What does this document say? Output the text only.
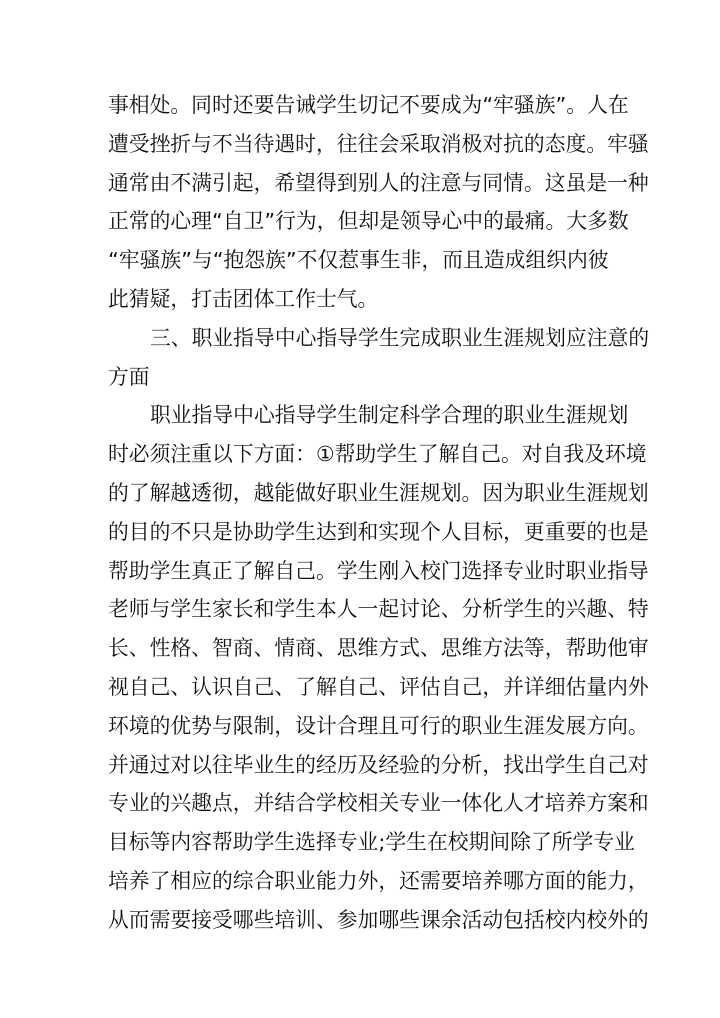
事相处。同时还要告诫学生切记不要成为“牢骚族”。人在
遭受挫折与不当待遇时，往往会采取消极对抗的态度。牢骚
通常由不满引起，希望得到别人的注意与同情。这虽是一种
正常的心理“自卫”行为，但却是领导心中的最痛。大多数
“牢骚族”与“抱怨族”不仅惹事生非，而且造成组织内彼
此猜疑，打击团体工作士气。
三、职业指导中心指导学生完成职业生涯规划应注意的
方面
职业指导中心指导学生制定科学合理的职业生涯规划
时必须注重以下方面：①帮助学生了解自己。对自我及环境
的了解越透彻，越能做好职业生涯规划。因为职业生涯规划
的目的不只是协助学生达到和实现个人目标，更重要的也是
帮助学生真正了解自己。学生刚入校门选择专业时职业指导
老师与学生家长和学生本人一起讨论、分析学生的兴趣、特
长、性格、智商、情商、思维方式、思维方法等，帮助他审
视自己、认识自己、了解自己、评估自己，并详细估量内外
环境的优势与限制，设计合理且可行的职业生涯发展方向。
并通过对以往毕业生的经历及经验的分析，找出学生自己对
专业的兴趣点，并结合学校相关专业一体化人才培养方案和
目标等内容帮助学生选择专业;学生在校期间除了所学专业
培养了相应的综合职业能力外，还需要培养哪方面的能力，
从而需要接受哪些培训、参加哪些课余活动包括校内校外的
